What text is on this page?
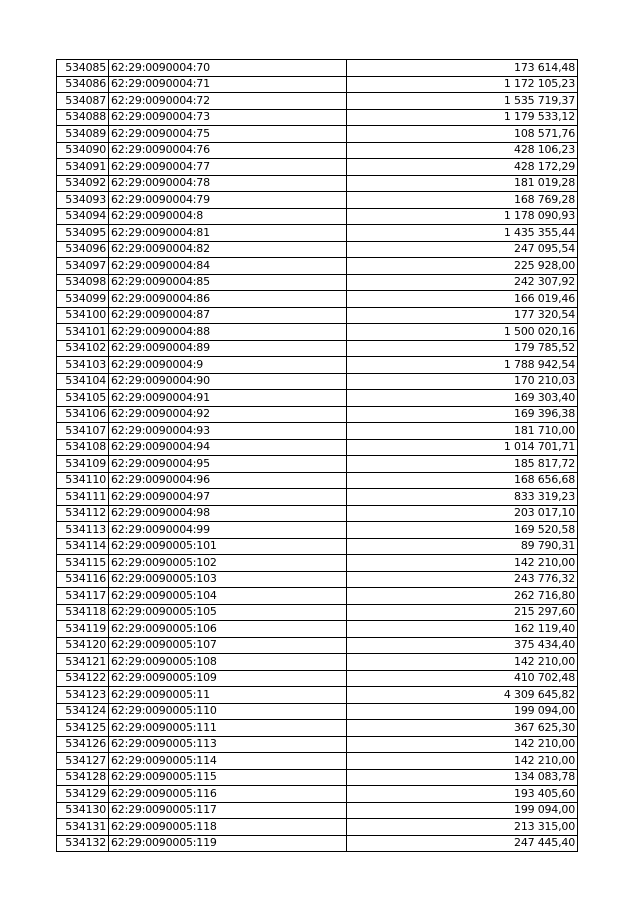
534085	62:29:0090004:70	173 614,48
534086	62:29:0090004:71	1 172 105,23
534087	62:29:0090004:72	1 535 719,37
534088	62:29:0090004:73	1 179 533,12
534089	62:29:0090004:75	108 571,76
534090	62:29:0090004:76	428 106,23
534091	62:29:0090004:77	428 172,29
534092	62:29:0090004:78	181 019,28
534093	62:29:0090004:79	168 769,28
534094	62:29:0090004:8	1 178 090,93
534095	62:29:0090004:81	1 435 355,44
534096	62:29:0090004:82	247 095,54
534097	62:29:0090004:84	225 928,00
534098	62:29:0090004:85	242 307,92
534099	62:29:0090004:86	166 019,46
534100	62:29:0090004:87	177 320,54
534101	62:29:0090004:88	1 500 020,16
534102	62:29:0090004:89	179 785,52
534103	62:29:0090004:9	1 788 942,54
534104	62:29:0090004:90	170 210,03
534105	62:29:0090004:91	169 303,40
534106	62:29:0090004:92	169 396,38
534107	62:29:0090004:93	181 710,00
534108	62:29:0090004:94	1 014 701,71
534109	62:29:0090004:95	185 817,72
534110	62:29:0090004:96	168 656,68
534111	62:29:0090004:97	833 319,23
534112	62:29:0090004:98	203 017,10
534113	62:29:0090004:99	169 520,58
534114	62:29:0090005:101	89 790,31
534115	62:29:0090005:102	142 210,00
534116	62:29:0090005:103	243 776,32
534117	62:29:0090005:104	262 716,80
534118	62:29:0090005:105	215 297,60
534119	62:29:0090005:106	162 119,40
534120	62:29:0090005:107	375 434,40
534121	62:29:0090005:108	142 210,00
534122	62:29:0090005:109	410 702,48
534123	62:29:0090005:11	4 309 645,82
534124	62:29:0090005:110	199 094,00
534125	62:29:0090005:111	367 625,30
534126	62:29:0090005:113	142 210,00
534127	62:29:0090005:114	142 210,00
534128	62:29:0090005:115	134 083,78
534129	62:29:0090005:116	193 405,60
534130	62:29:0090005:117	199 094,00
534131	62:29:0090005:118	213 315,00
534132	62:29:0090005:119	247 445,40
